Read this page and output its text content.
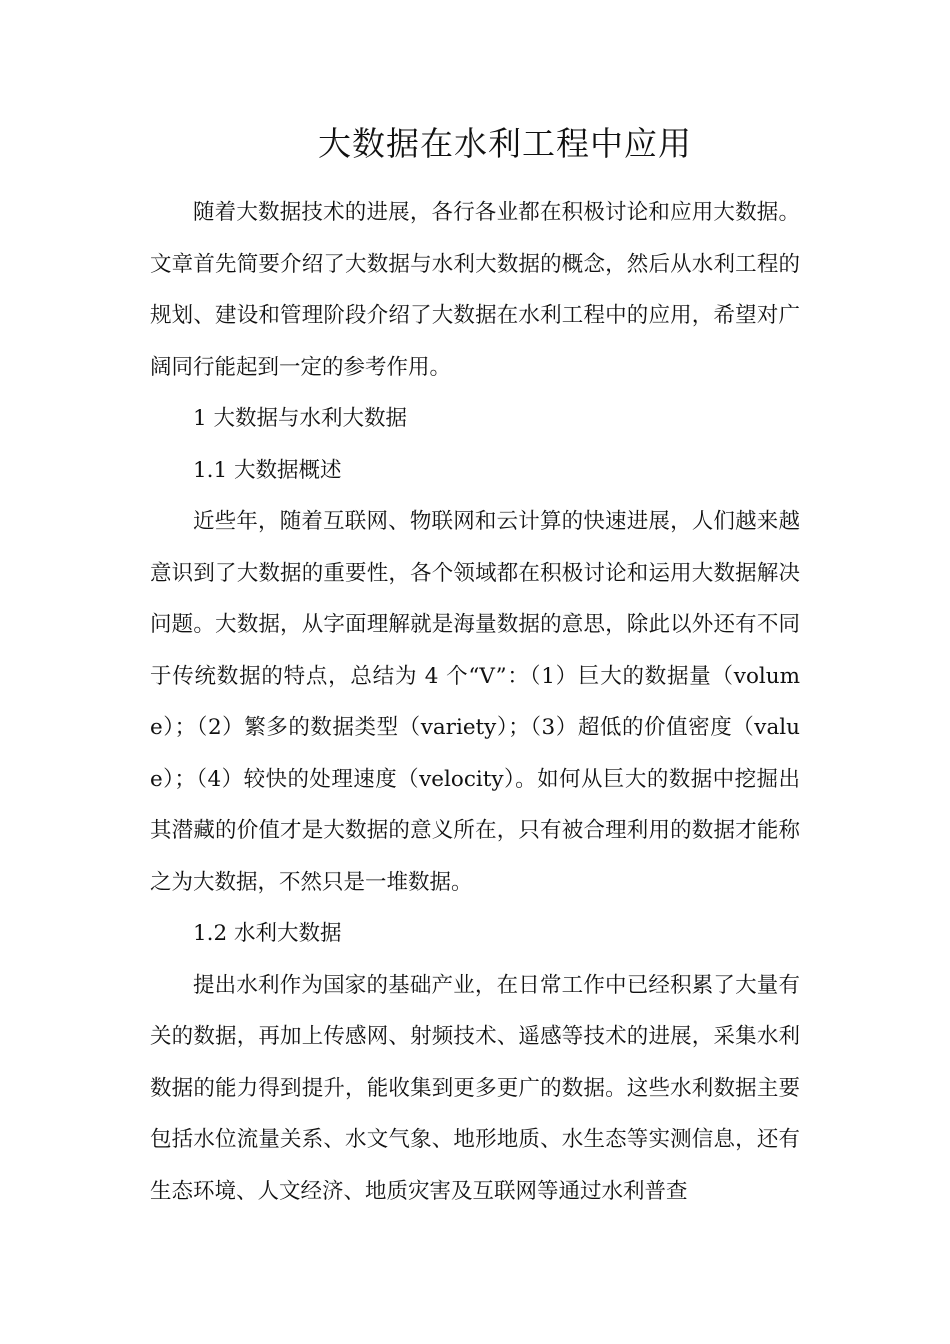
大数据在水利工程中应用

随着大数据技术的进展，各行各业都在积极讨论和应用大数据。文章首先简要介绍了大数据与水利大数据的概念，然后从水利工程的规划、建设和管理阶段介绍了大数据在水利工程中的应用，希望对广阔同行能起到一定的参考作用。

1 大数据与水利大数据

1.1 大数据概述

近些年，随着互联网、物联网和云计算的快速进展，人们越来越意识到了大数据的重要性，各个领域都在积极讨论和运用大数据解决问题。大数据，从字面理解就是海量数据的意思，除此以外还有不同于传统数据的特点，总结为 4 个“V”：（1）巨大的数据量（volume）；（2）繁多的数据类型（variety）；（3）超低的价值密度（value）；（4）较快的处理速度（velocity）。如何从巨大的数据中挖掘出其潜藏的价值才是大数据的意义所在，只有被合理利用的数据才能称之为大数据，不然只是一堆数据。

1.2 水利大数据

提出水利作为国家的基础产业，在日常工作中已经积累了大量有关的数据，再加上传感网、射频技术、遥感等技术的进展，采集水利数据的能力得到提升，能收集到更多更广的数据。这些水利数据主要包括水位流量关系、水文气象、地形地质、水生态等实测信息，还有生态环境、人文经济、地质灾害及互联网等通过水利普查
